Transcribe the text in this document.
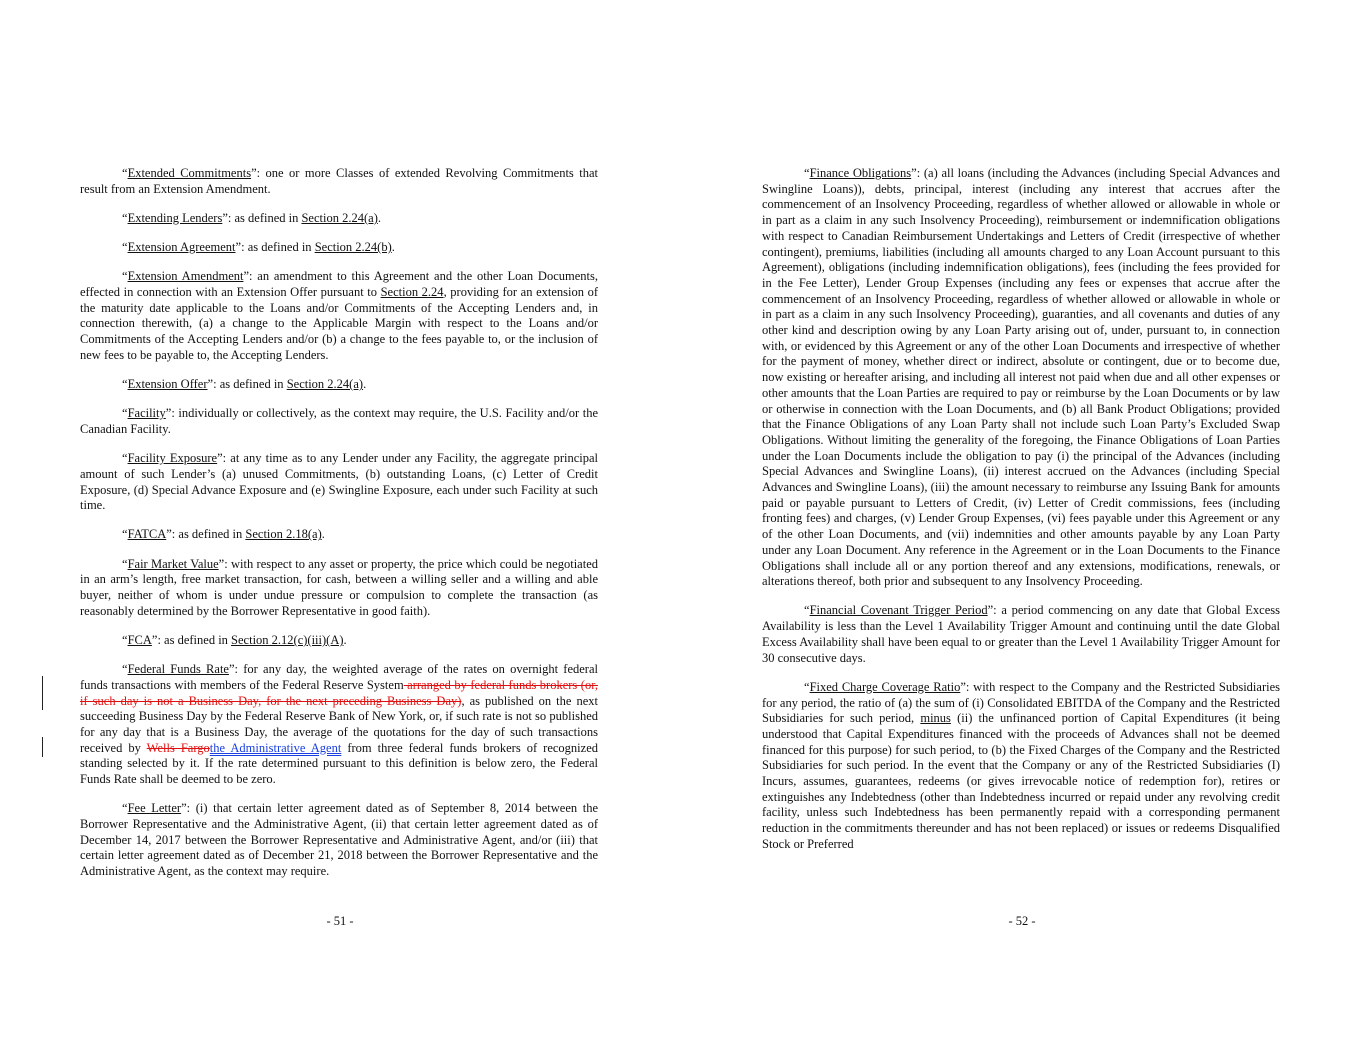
“Extended Commitments”: one or more Classes of extended Revolving Commitments that result from an Extension Amendment.

“Extending Lenders”: as defined in Section 2.24(a).

“Extension Agreement”: as defined in Section 2.24(b).

“Extension Amendment”: an amendment to this Agreement and the other Loan Documents, effected in connection with an Extension Offer pursuant to Section 2.24, providing for an extension of the maturity date applicable to the Loans and/or Commitments of the Accepting Lenders and, in connection therewith, (a) a change to the Applicable Margin with respect to the Loans and/or Commitments of the Accepting Lenders and/or (b) a change to the fees payable to, or the inclusion of new fees to be payable to, the Accepting Lenders.

“Extension Offer”: as defined in Section 2.24(a).

“Facility”: individually or collectively, as the context may require, the U.S. Facility and/or the Canadian Facility.

“Facility Exposure”: at any time as to any Lender under any Facility, the aggregate principal amount of such Lender’s (a) unused Commitments, (b) outstanding Loans, (c) Letter of Credit Exposure, (d) Special Advance Exposure and (e) Swingline Exposure, each under such Facility at such time.

“FATCA”: as defined in Section 2.18(a).

“Fair Market Value”: with respect to any asset or property, the price which could be negotiated in an arm’s length, free market transaction, for cash, between a willing seller and a willing and able buyer, neither of whom is under undue pressure or compulsion to complete the transaction (as reasonably determined by the Borrower Representative in good faith).

“FCA”: as defined in Section 2.12(c)(iii)(A).

“Federal Funds Rate”: for any day, the weighted average of the rates on overnight federal funds transactions with members of the Federal Reserve System arranged by federal funds brokers (or, if such day is not a Business Day, for the next preceding Business Day), as published on the next succeeding Business Day by the Federal Reserve Bank of New York, or, if such rate is not so published for any day that is a Business Day, the average of the quotations for the day of such transactions received by Wells Fargothe Administrative Agent from three federal funds brokers of recognized standing selected by it. If the rate determined pursuant to this definition is below zero, the Federal Funds Rate shall be deemed to be zero.

“Fee Letter”: (i) that certain letter agreement dated as of September 8, 2014 between the Borrower Representative and the Administrative Agent, (ii) that certain letter agreement dated as of December 14, 2017 between the Borrower Representative and Administrative Agent, and/or (iii) that certain letter agreement dated as of December 21, 2018 between the Borrower Representative and the Administrative Agent, as the context may require.

- 51 -

“Finance Obligations”: (a) all loans (including the Advances (including Special Advances and Swingline Loans)), debts, principal, interest (including any interest that accrues after the commencement of an Insolvency Proceeding, regardless of whether allowed or allowable in whole or in part as a claim in any such Insolvency Proceeding), reimbursement or indemnification obligations with respect to Canadian Reimbursement Undertakings and Letters of Credit (irrespective of whether contingent), premiums, liabilities (including all amounts charged to any Loan Account pursuant to this Agreement), obligations (including indemnification obligations), fees (including the fees provided for in the Fee Letter), Lender Group Expenses (including any fees or expenses that accrue after the commencement of an Insolvency Proceeding, regardless of whether allowed or allowable in whole or in part as a claim in any such Insolvency Proceeding), guaranties, and all covenants and duties of any other kind and description owing by any Loan Party arising out of, under, pursuant to, in connection with, or evidenced by this Agreement or any of the other Loan Documents and irrespective of whether for the payment of money, whether direct or indirect, absolute or contingent, due or to become due, now existing or hereafter arising, and including all interest not paid when due and all other expenses or other amounts that the Loan Parties are required to pay or reimburse by the Loan Documents or by law or otherwise in connection with the Loan Documents, and (b) all Bank Product Obligations; provided that the Finance Obligations of any Loan Party shall not include such Loan Party’s Excluded Swap Obligations. Without limiting the generality of the foregoing, the Finance Obligations of Loan Parties under the Loan Documents include the obligation to pay (i) the principal of the Advances (including Special Advances and Swingline Loans), (ii) interest accrued on the Advances (including Special Advances and Swingline Loans), (iii) the amount necessary to reimburse any Issuing Bank for amounts paid or payable pursuant to Letters of Credit, (iv) Letter of Credit commissions, fees (including fronting fees) and charges, (v) Lender Group Expenses, (vi) fees payable under this Agreement or any of the other Loan Documents, and (vii) indemnities and other amounts payable by any Loan Party under any Loan Document. Any reference in the Agreement or in the Loan Documents to the Finance Obligations shall include all or any portion thereof and any extensions, modifications, renewals, or alterations thereof, both prior and subsequent to any Insolvency Proceeding.

“Financial Covenant Trigger Period”: a period commencing on any date that Global Excess Availability is less than the Level 1 Availability Trigger Amount and continuing until the date Global Excess Availability shall have been equal to or greater than the Level 1 Availability Trigger Amount for 30 consecutive days.

“Fixed Charge Coverage Ratio”: with respect to the Company and the Restricted Subsidiaries for any period, the ratio of (a) the sum of (i) Consolidated EBITDA of the Company and the Restricted Subsidiaries for such period, minus (ii) the unfinanced portion of Capital Expenditures (it being understood that Capital Expenditures financed with the proceeds of Advances shall not be deemed financed for this purpose) for such period, to (b) the Fixed Charges of the Company and the Restricted Subsidiaries for such period. In the event that the Company or any of the Restricted Subsidiaries (I) Incurs, assumes, guarantees, redeems (or gives irrevocable notice of redemption for), retires or extinguishes any Indebtedness (other than Indebtedness incurred or repaid under any revolving credit facility, unless such Indebtedness has been permanently repaid with a corresponding permanent reduction in the commitments thereunder and has not been replaced) or issues or redeems Disqualified Stock or Preferred

- 52 -
